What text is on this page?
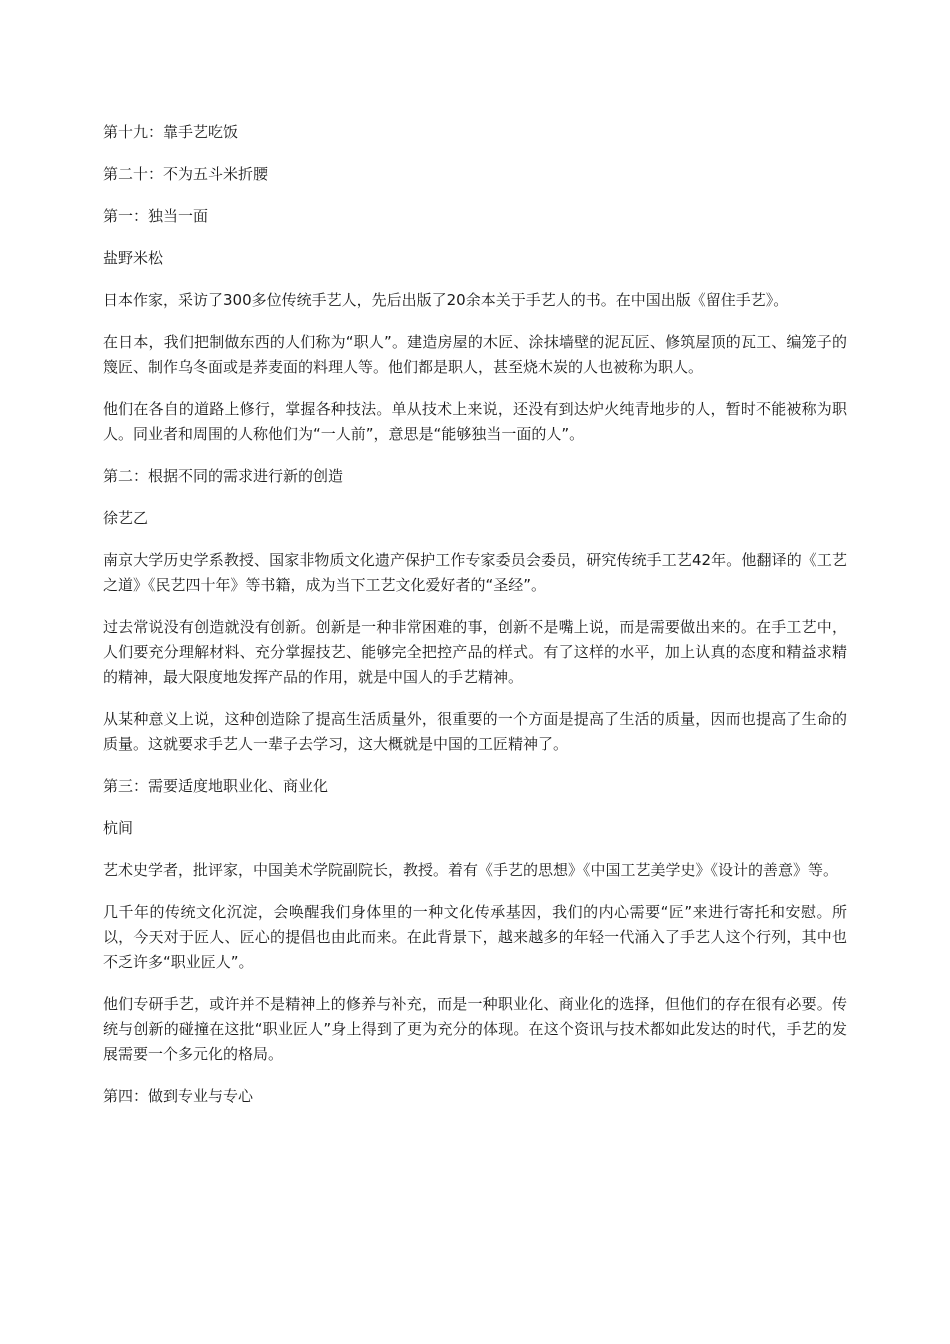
第十九：靠手艺吃饭

第二十：不为五斗米折腰

第一：独当一面

盐野米松

日本作家，采访了300多位传统手艺人，先后出版了20余本关于手艺人的书。在中国出版《留住手艺》。

在日本，我们把制做东西的人们称为“职人”。建造房屋的木匠、涂抹墙壁的泥瓦匠、修筑屋顶的瓦工、编笼子的篾匠、制作乌冬面或是荞麦面的料理人等。他们都是职人，甚至烧木炭的人也被称为职人。

他们在各自的道路上修行，掌握各种技法。单从技术上来说，还没有到达炉火纯青地步的人，暂时不能被称为职人。同业者和周围的人称他们为“一人前”，意思是“能够独当一面的人”。

第二：根据不同的需求进行新的创造

徐艺乙

南京大学历史学系教授、国家非物质文化遗产保护工作专家委员会委员，研究传统手工艺42年。他翻译的《工艺之道》《民艺四十年》等书籍，成为当下工艺文化爱好者的“圣经”。

过去常说没有创造就没有创新。创新是一种非常困难的事，创新不是嘴上说，而是需要做出来的。在手工艺中，人们要充分理解材料、充分掌握技艺、能够完全把控产品的样式。有了这样的水平，加上认真的态度和精益求精的精神，最大限度地发挥产品的作用，就是中国人的手艺精神。

从某种意义上说，这种创造除了提高生活质量外，很重要的一个方面是提高了生活的质量，因而也提高了生命的质量。这就要求手艺人一辈子去学习，这大概就是中国的工匠精神了。

第三：需要适度地职业化、商业化

杭间

艺术史学者，批评家，中国美术学院副院长，教授。着有《手艺的思想》《中国工艺美学史》《设计的善意》等。

几千年的传统文化沉淀，会唤醒我们身体里的一种文化传承基因，我们的内心需要“匠”来进行寄托和安慰。所以，今天对于匠人、匠心的提倡也由此而来。在此背景下，越来越多的年轻一代涌入了手艺人这个行列，其中也不乏许多“职业匠人”。

他们专研手艺，或许并不是精神上的修养与补充，而是一种职业化、商业化的选择，但他们的存在很有必要。传统与创新的碰撞在这批“职业匠人”身上得到了更为充分的体现。在这个资讯与技术都如此发达的时代，手艺的发展需要一个多元化的格局。

第四：做到专业与专心
